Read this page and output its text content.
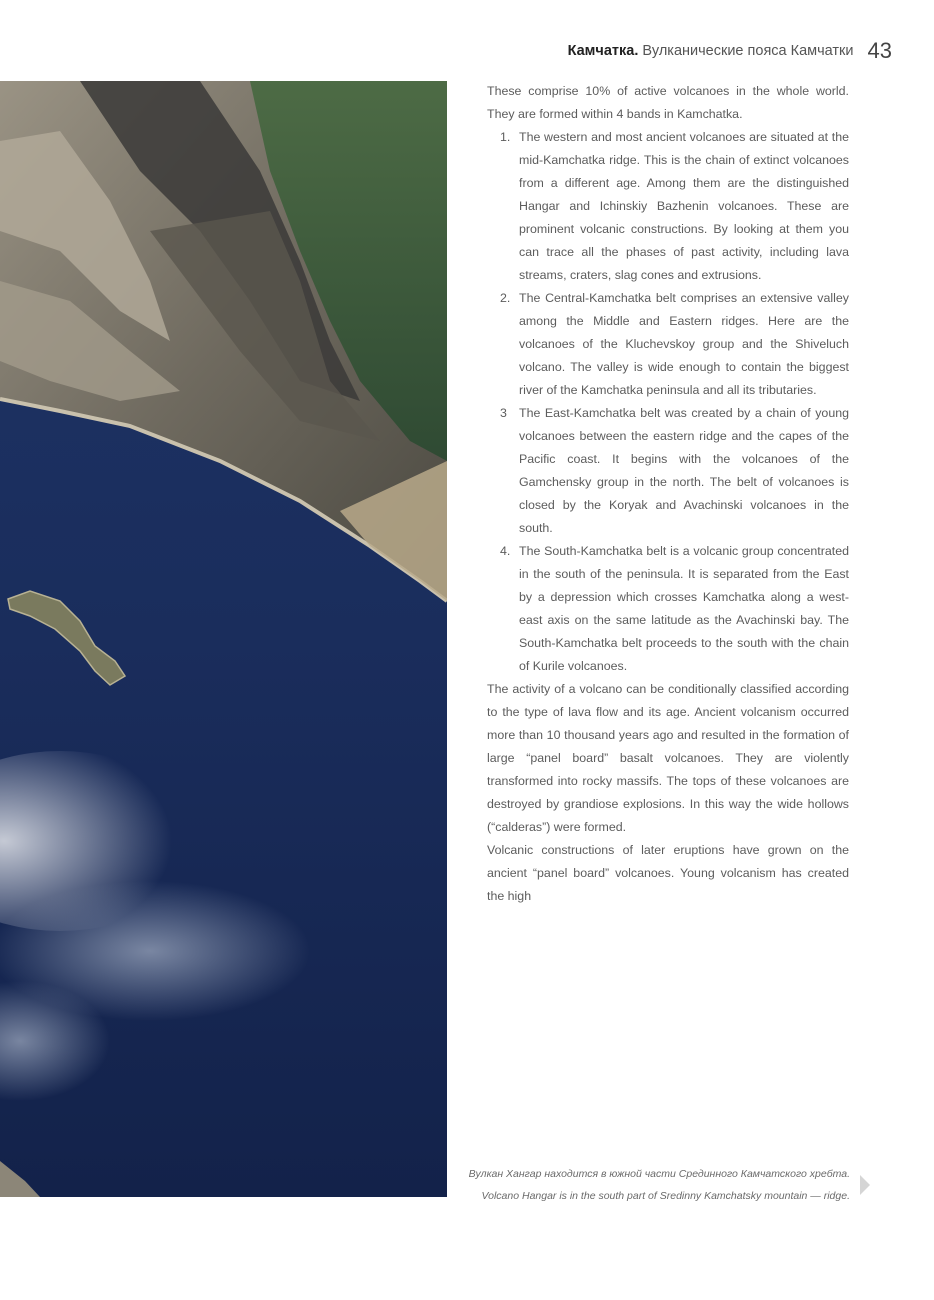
Камчатка. Вулканические пояса Камчатки 43

These comprise 10% of active volcanoes in the whole world. They are formed within 4 bands in Kamchatka.

1. The western and most ancient volcanoes are situated at the mid-Kamchatka ridge. This is the chain of extinct volcanoes from a different age. Among them are the distinguished Hangar and Ichinskiy Bazhenin volcanoes. These are prominent volcanic constructions. By looking at them you can trace all the phases of past activity, including lava streams, craters, slag cones and extrusions.
2. The Central-Kamchatka belt comprises an extensive valley among the Middle and Eastern ridges. Here are the volcanoes of the Kluchevskoy group and the Shiveluch volcano. The valley is wide enough to contain the biggest river of the Kamchatka peninsula and all its tributaries.
3 The East-Kamchatka belt was created by a chain of young volcanoes between the eastern ridge and the capes of the Pacific coast. It begins with the volcanoes of the Gamchensky group in the north. The belt of volcanoes is closed by the Koryak and Avachinski volcanoes in the south.
4. The South-Kamchatka belt is a volcanic group concentrated in the south of the peninsula. It is separated from the East by a depression which crosses Kamchatka along a west-east axis on the same latitude as the Avachinski bay. The South-Kamchatka belt proceeds to the south with the chain of Kurile volcanoes.

The activity of a volcano can be conditionally classified according to the type of lava flow and its age. Ancient volcanism occurred more than 10 thousand years ago and resulted in the formation of large “panel board” basalt volcanoes. They are violently transformed into rocky massifs. The tops of these volcanoes are destroyed by grandiose explosions. In this way the wide hollows (“calderas”) were formed.

Volcanic constructions of later eruptions have grown on the ancient “panel board” volcanoes. Young volcanism has created the high

Вулкан Хангар находится в южной части Срединного Камчатского хребта.
Volcano Hangar is in the south part of Sredinny Kamchatsky mountain — ridge.
